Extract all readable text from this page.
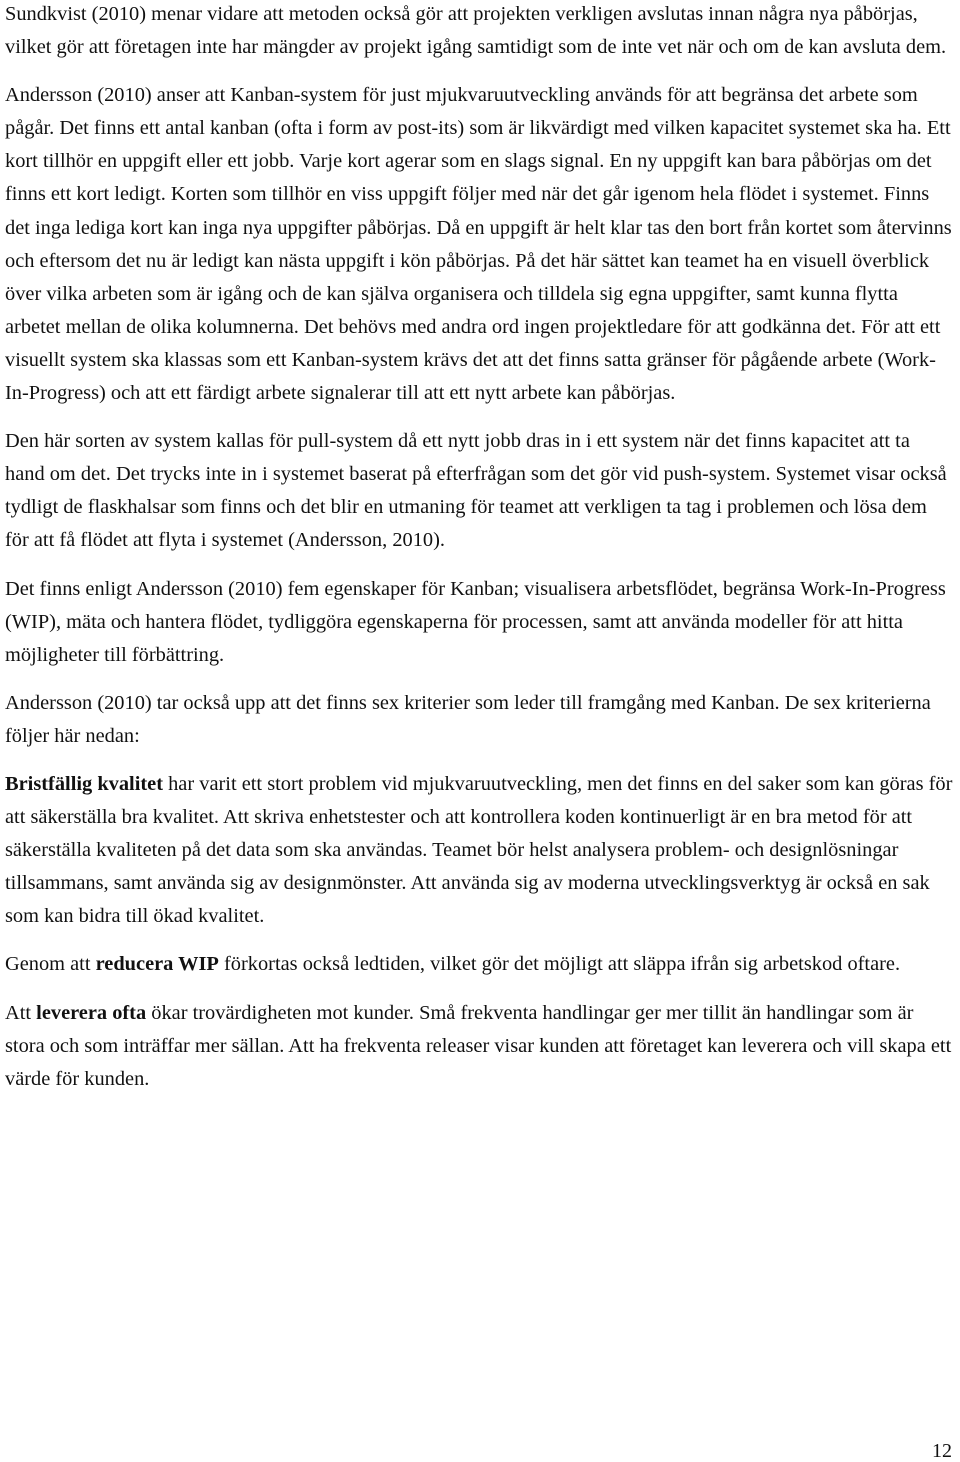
Sundkvist (2010) menar vidare att metoden också gör att projekten verkligen avslutas innan några nya påbörjas, vilket gör att företagen inte har mängder av projekt igång samtidigt som de inte vet när och om de kan avsluta dem.

Andersson (2010) anser att Kanban-system för just mjukvaruutveckling används för att begränsa det arbete som pågår. Det finns ett antal kanban (ofta i form av post-its) som är likvärdigt med vilken kapacitet systemet ska ha. Ett kort tillhör en uppgift eller ett jobb. Varje kort agerar som en slags signal. En ny uppgift kan bara påbörjas om det finns ett kort ledigt. Korten som tillhör en viss uppgift följer med när det går igenom hela flödet i systemet. Finns det inga lediga kort kan inga nya uppgifter påbörjas. Då en uppgift är helt klar tas den bort från kortet som återvinns och eftersom det nu är ledigt kan nästa uppgift i kön påbörjas. På det här sättet kan teamet ha en visuell överblick över vilka arbeten som är igång och de kan själva organisera och tilldela sig egna uppgifter, samt kunna flytta arbetet mellan de olika kolumnerna. Det behövs med andra ord ingen projektledare för att godkänna det. För att ett visuellt system ska klassas som ett Kanban-system krävs det att det finns satta gränser för pågående arbete (Work-In-Progress) och att ett färdigt arbete signalerar till att ett nytt arbete kan påbörjas.

Den här sorten av system kallas för pull-system då ett nytt jobb dras in i ett system när det finns kapacitet att ta hand om det. Det trycks inte in i systemet baserat på efterfrågan som det gör vid push-system. Systemet visar också tydligt de flaskhalsar som finns och det blir en utmaning för teamet att verkligen ta tag i problemen och lösa dem för att få flödet att flyta i systemet (Andersson, 2010).

Det finns enligt Andersson (2010) fem egenskaper för Kanban; visualisera arbetsflödet, begränsa Work-In-Progress (WIP), mäta och hantera flödet, tydliggöra egenskaperna för processen, samt att använda modeller för att hitta möjligheter till förbättring.

Andersson (2010) tar också upp att det finns sex kriterier som leder till framgång med Kanban. De sex kriterierna följer här nedan:

Bristfällig kvalitet har varit ett stort problem vid mjukvaruutveckling, men det finns en del saker som kan göras för att säkerställa bra kvalitet. Att skriva enhetstester och att kontrollera koden kontinuerligt är en bra metod för att säkerställa kvaliteten på det data som ska användas. Teamet bör helst analysera problem- och designlösningar tillsammans, samt använda sig av designmönster. Att använda sig av moderna utvecklingsverktyg är också en sak som kan bidra till ökad kvalitet.

Genom att reducera WIP förkortas också ledtiden, vilket gör det möjligt att släppa ifrån sig arbetskod oftare.

Att leverera ofta ökar trovärdigheten mot kunder. Små frekventa handlingar ger mer tillit än handlingar som är stora och som inträffar mer sällan. Att ha frekventa releaser visar kunden att företaget kan leverera och vill skapa ett värde för kunden.

12
